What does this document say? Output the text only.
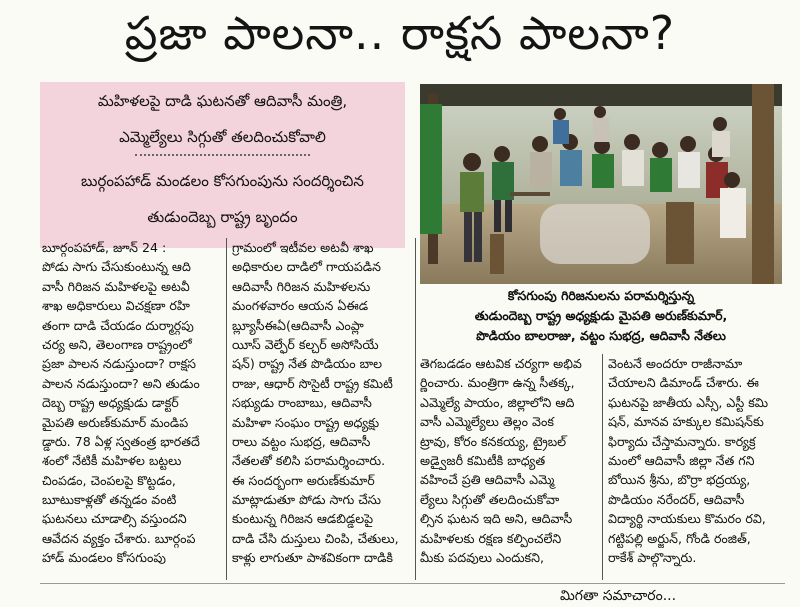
ప్రజా పాలనా.. రాక్షస పాలనా?
మహిళలపై దాడి ఘటనతో ఆదివాసీ మంత్రి,
ఎమ్మెల్యేలు సిగ్గుతో తలదించుకోవాలి
బుర్గంపహాడ్ మండలం కోసగుంపును సందర్శించిన
తుడుందెబ్బ రాష్ట్ర బృందం
కోసగుంపు గిరిజనులను పరామర్శిస్తున్న
తుడుందెబ్బ రాష్ట్ర అధ్యక్షుడు మైపతి అరుణ్‌కుమార్,
పొడియం బాలరాజు, వట్టం సుభద్ర, ఆదివాసీ నేతలు
బూర్గంపహాడ్, జూన్ 24 :
పోడు సాగు చేసుకుంటున్న ఆది
వాసీ గిరిజన మహిళలపై అటవీ
శాఖ అధికారులు విచక్షణా రహి
తంగా దాడి చేయడం దుర్మార్గపు
చర్య అని, తెలంగాణ రాష్ట్రంలో
ప్రజా పాలన నడుస్తుందా? రాక్షస
పాలన నడుస్తుందా? అని తుడుం
దెబ్బ రాష్ట్ర అధ్యక్షుడు డాక్టర్
మైపతి అరుణ్‌కుమార్ మండిప
డ్డారు. 78 ఏళ్ల స్వతంత్ర భారతదే
శంలో నేటికీ మహిళల బట్టలు
చింపడం, చెంపలపై కొట్టడం,
బూటుకాళ్లతో తన్నడం వంటి
ఘటనలు చూడాల్సి వస్తుందని
ఆవేదన వ్యక్తం చేశారు. బూర్గంప
హాడ్ మండలం కోసగుంపు
గ్రామంలో ఇటీవల అటవీ శాఖ
అధికారుల దాడిలో గాయపడిన
ఆదివాసీ గిరిజన మహిళలను
మంగళవారం ఆయన ఏఈడ
బ్ల్యూసీఈఏ(ఆదివాసీ ఎంప్లా
యీస్ వెల్ఫేర్ కల్చర్ అసోసియే
షన్) రాష్ట్ర నేత పొడియం బాల
రాజు, ఆధార్ సొసైటీ రాష్ట్ర కమిటీ
సభ్యుడు రాంబాబు, ఆదివాసీ
మహిళా సంఘం రాష్ట్ర అధ్యక్షు
రాలు వట్టం సుభద్ర, ఆదివాసీ
నేతలతో కలిసి పరామర్శించారు.
ఈ సందర్భంగా అరుణ్‌కుమార్
మాట్లాడుతూ పోడు సాగు చేసు
కుంటున్న గిరిజన ఆడబిడ్డలపై
దాడి చేసి దుస్తులు చింపి, చేతులు,
కాళ్లు లాగుతూ పాశవికంగా దాడికి
తెగబడడం ఆటవిక చర్యగా అభివ
ర్ణించారు. మంత్రిగా ఉన్న సీతక్క,
ఎమ్మెల్యే పాయం, జిల్లాలోని ఆది
వాసీ ఎమ్మెల్యేలు తెల్లం వెంక
ట్రావు, కోరం కనకయ్య, ట్రైబల్
అడ్వైజరీ కమిటీకి బాధ్యత
వహించే ప్రతి ఆదివాసీ ఎమ్మె
ల్యేలు సిగ్గుతో తలదించుకోవా
ల్సిన ఘటన ఇది అని, ఆదివాసీ
మహిళలకు రక్షణ కల్పించలేని
మీకు పదవులు ఎందుకని,
వెంటనే అందరూ రాజీనామా
చేయాలని డిమాండ్ చేశారు. ఈ
ఘటనపై జాతీయ ఎస్సీ, ఎస్టీ కమి
షన్, మానవ హక్కుల కమిషన్‌కు
ఫిర్యాదు చేస్తామన్నారు. కార్యక్ర
మంలో ఆదివాసీ జిల్లా నేత గని
బోయిన శ్రీను, బొర్రా భద్రయ్య,
పొడియం నరేందర్, ఆదివాసీ
విద్యార్థి నాయకులు కొమరం రవి,
గట్టిపల్లి అర్జున్, గోండి రంజిత్,
రాకేశ్ పాల్గొన్నారు.
మిగతా సమాచారం...
